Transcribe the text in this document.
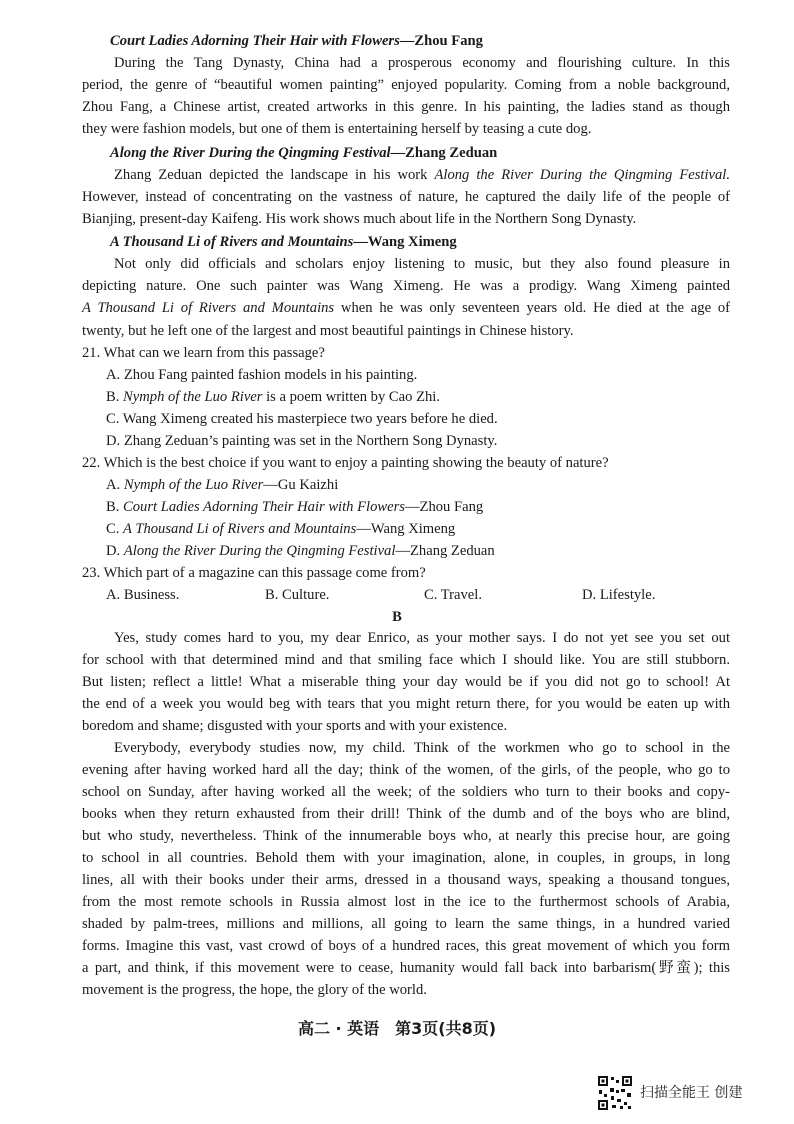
Court Ladies Adorning Their Hair with Flowers—Zhou Fang
During the Tang Dynasty, China had a prosperous economy and flourishing culture. In this
period, the genre of “beautiful women painting” enjoyed popularity. Coming from a noble background,
Zhou Fang, a Chinese artist, created artworks in this genre. In his painting, the ladies stand as though
they were fashion models, but one of them is entertaining herself by teasing a cute dog.
Along the River During the Qingming Festival—Zhang Zeduan
Zhang Zeduan depicted the landscape in his work Along the River During the Qingming Festival.
However, instead of concentrating on the vastness of nature, he captured the daily life of the people of
Bianjing, present-day Kaifeng. His work shows much about life in the Northern Song Dynasty.
A Thousand Li of Rivers and Mountains—Wang Ximeng
Not only did officials and scholars enjoy listening to music, but they also found pleasure in
depicting nature. One such painter was Wang Ximeng. He was a prodigy. Wang Ximeng painted
A Thousand Li of Rivers and Mountains when he was only seventeen years old. He died at the age of
twenty, but he left one of the largest and most beautiful paintings in Chinese history.
21. What can we learn from this passage?
A. Zhou Fang painted fashion models in his painting.
B. Nymph of the Luo River is a poem written by Cao Zhi.
C. Wang Ximeng created his masterpiece two years before he died.
D. Zhang Zeduan’s painting was set in the Northern Song Dynasty.
22. Which is the best choice if you want to enjoy a painting showing the beauty of nature?
A. Nymph of the Luo River—Gu Kaizhi
B. Court Ladies Adorning Their Hair with Flowers—Zhou Fang
C. A Thousand Li of Rivers and Mountains—Wang Ximeng
D. Along the River During the Qingming Festival—Zhang Zeduan
23. Which part of a magazine can this passage come from?
A. Business.	B. Culture.	C. Travel.	D. Lifestyle.
B
Yes, study comes hard to you, my dear Enrico, as your mother says. I do not yet see you set out
for school with that determined mind and that smiling face which I should like. You are still stubborn.
But listen; reflect a little! What a miserable thing your day would be if you did not go to school! At
the end of a week you would beg with tears that you might return there, for you would be eaten up with
boredom and shame; disgusted with your sports and with your existence.
Everybody, everybody studies now, my child. Think of the workmen who go to school in the
evening after having worked hard all the day; think of the women, of the girls, of the people, who go to
school on Sunday, after having worked all the week; of the soldiers who turn to their books and copy-
books when they return exhausted from their drill! Think of the dumb and of the boys who are blind,
but who study, nevertheless. Think of the innumerable boys who, at nearly this precise hour, are going
to school in all countries. Behold them with your imagination, alone, in couples, in groups, in long
lines, all with their books under their arms, dressed in a thousand ways, speaking a thousand tongues,
from the most remote schools in Russia almost lost in the ice to the furthermost schools of Arabia,
shaded by palm-trees, millions and millions, all going to learn the same things, in a hundred varied
forms. Imagine this vast, vast crowd of boys of a hundred races, this great movement of which you form
a part, and think, if this movement were to cease, humanity would fall back into barbarism(野蛮); this
movement is the progress, the hope, the glory of the world.
高二 · 英语　第3页(共8页)
扫描全能王 创建
